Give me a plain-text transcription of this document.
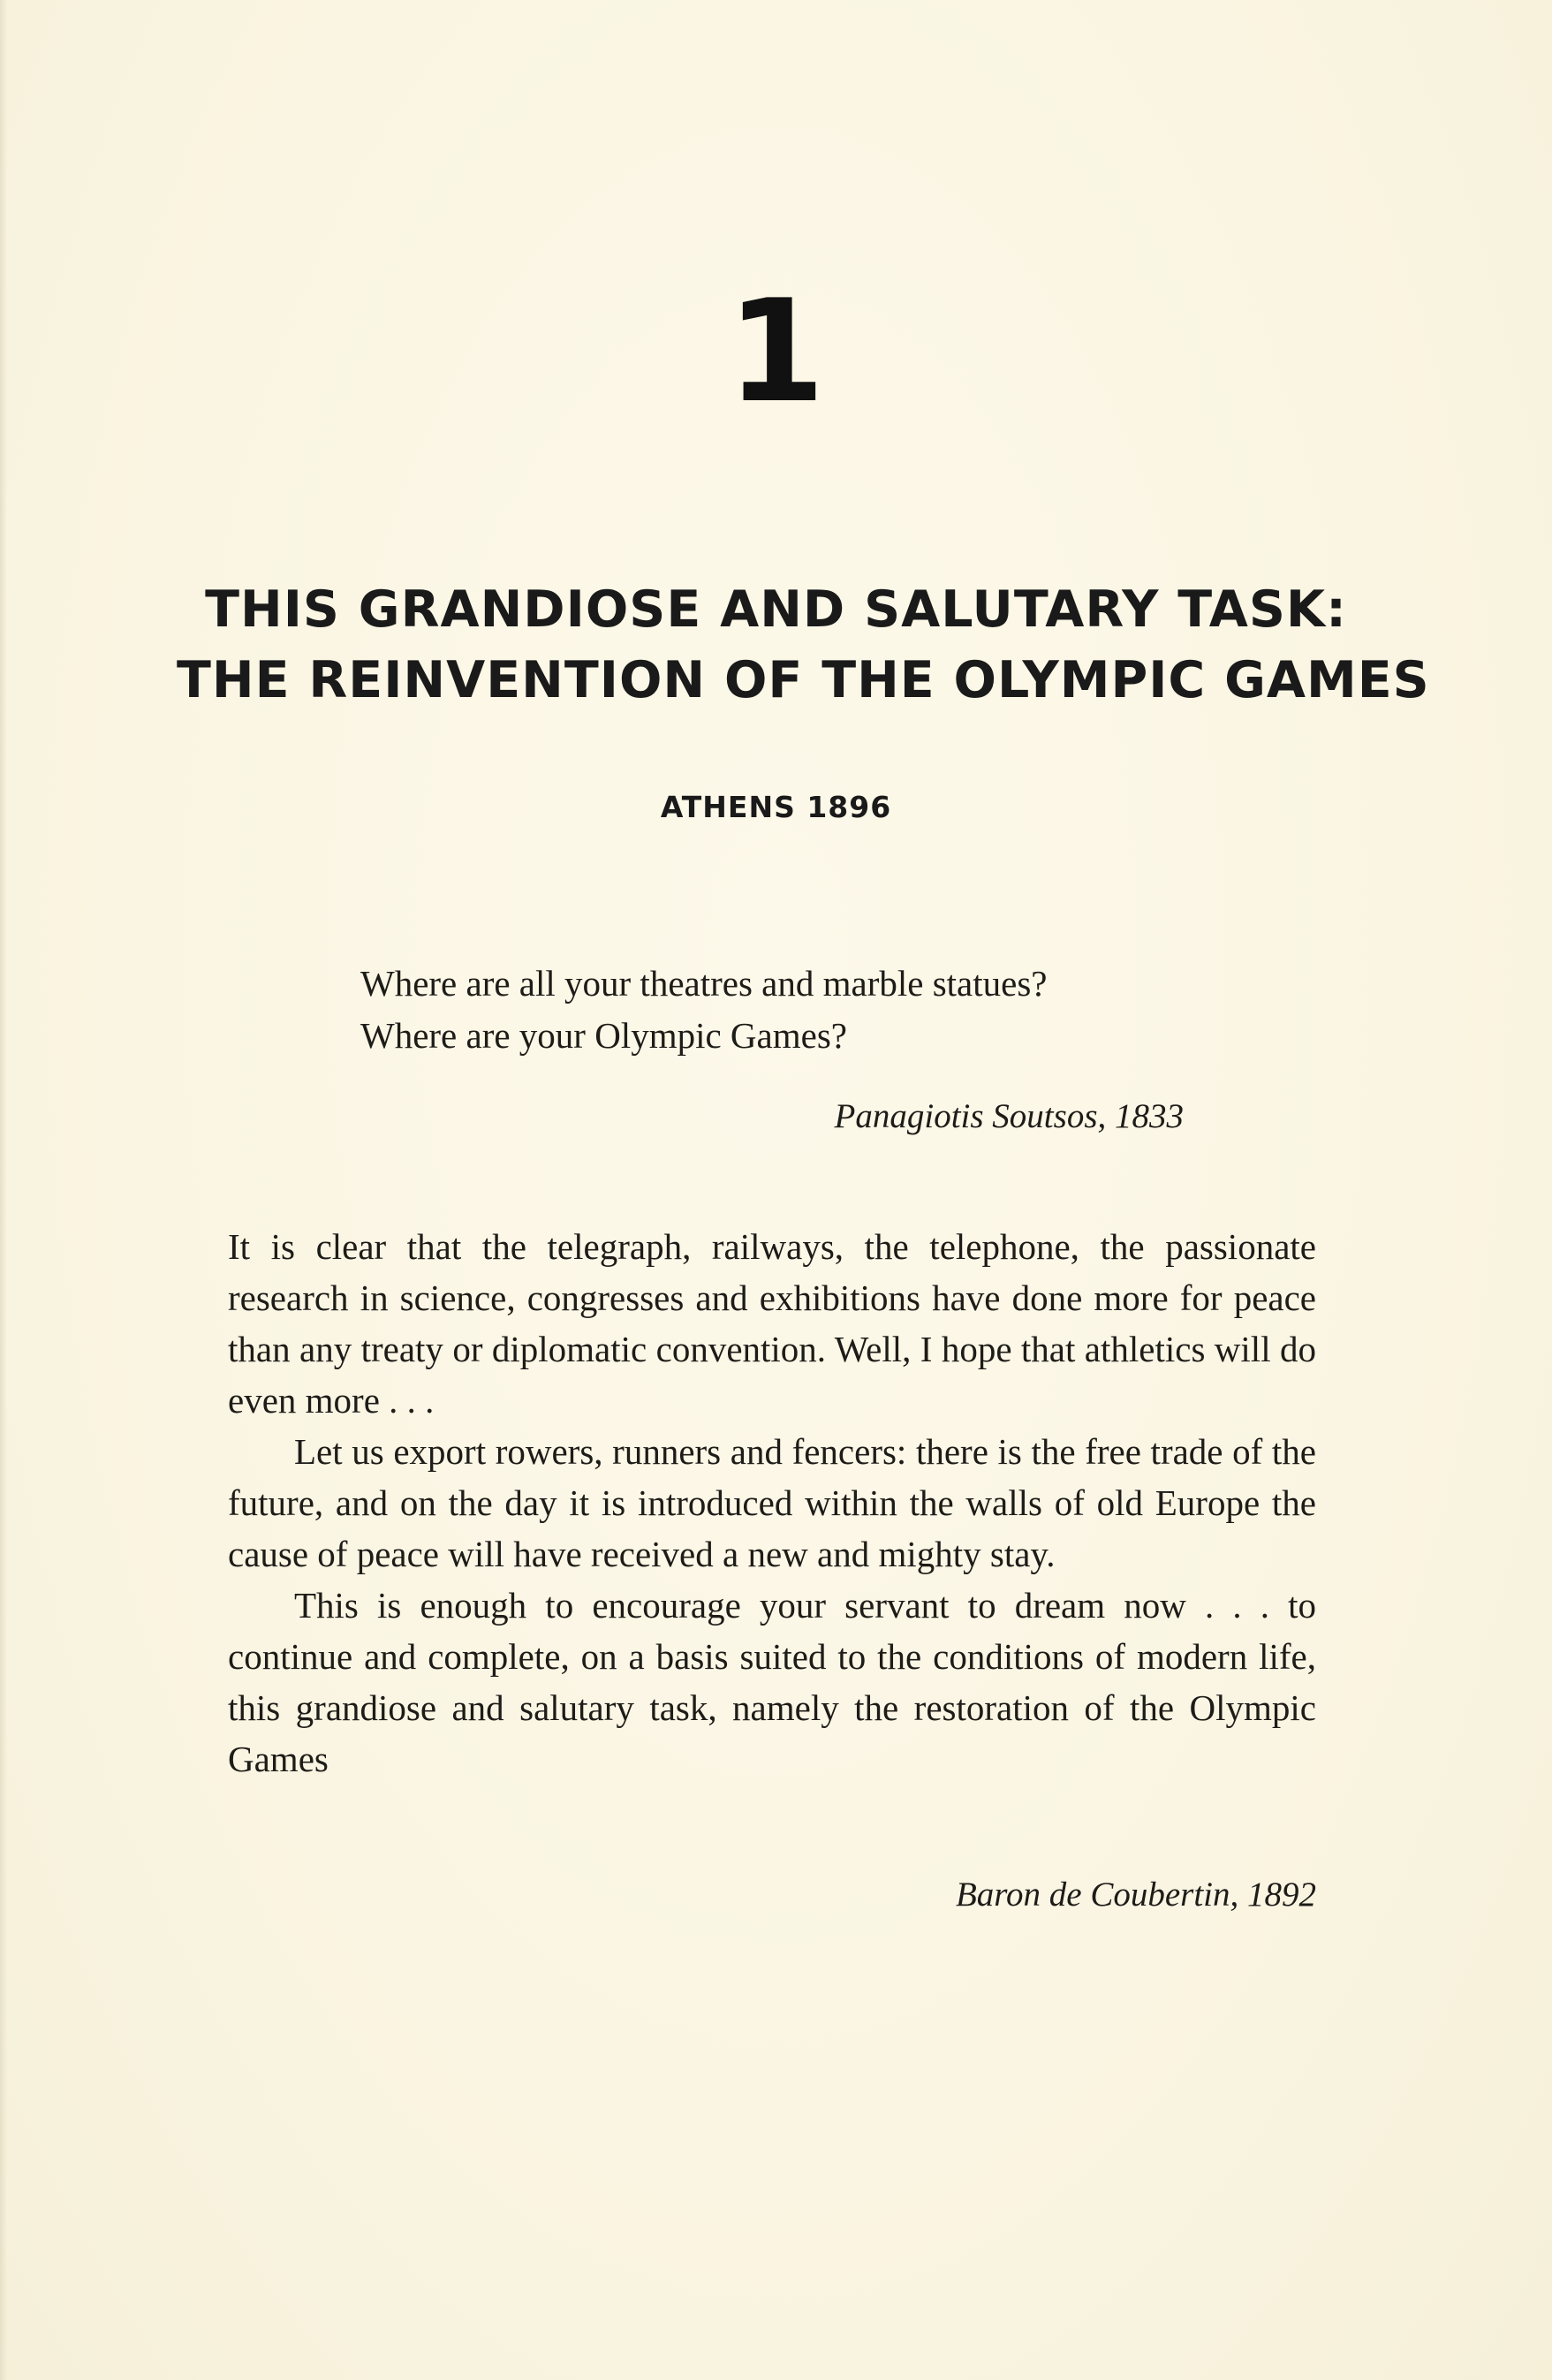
1
THIS GRANDIOSE AND SALUTARY TASK:
THE REINVENTION OF THE OLYMPIC GAMES
ATHENS 1896
Where are all your theatres and marble statues?
Where are your Olympic Games?
Panagiotis Soutsos, 1833

It is clear that the telegraph, railways, the telephone, the passionate research in science, congresses and exhibitions have done more for peace than any treaty or diplomatic convention. Well, I hope that athletics will do even more . . .

Let us export rowers, runners and fencers: there is the free trade of the future, and on the day it is introduced within the walls of old Europe the cause of peace will have received a new and mighty stay.

This is enough to encourage your servant to dream now . . . to continue and complete, on a basis suited to the conditions of modern life, this grandiose and salutary task, namely the restoration of the Olympic Games

Baron de Coubertin, 1892
